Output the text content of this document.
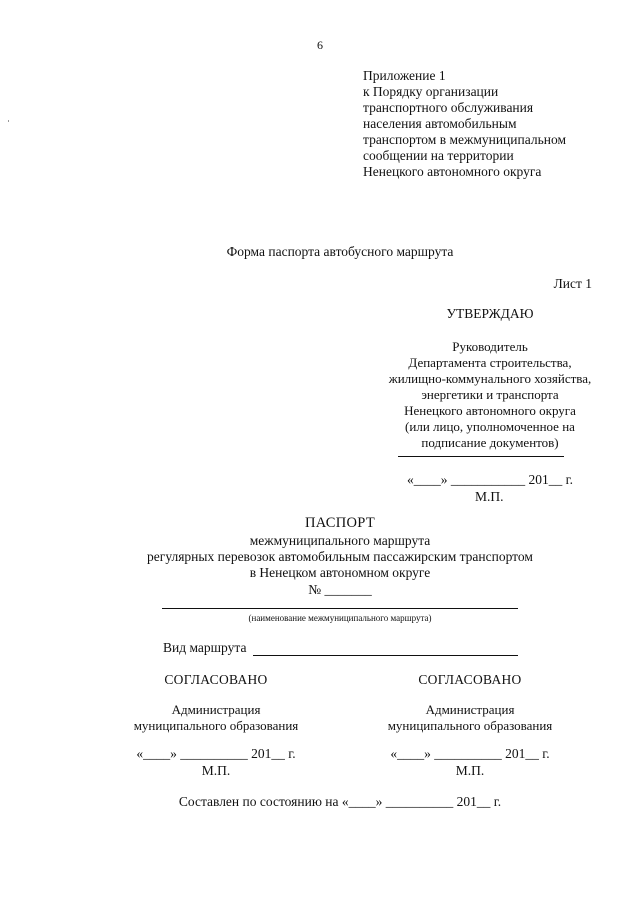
6
Приложение 1
к Порядку организации
транспортного обслуживания
населения автомобильным
транспортом в межмуниципальном
сообщении на территории
Ненецкого автономного округа
Форма паспорта автобусного маршрута
Лист 1
УТВЕРЖДАЮ
Руководитель
Департамента строительства,
жилищно-коммунального хозяйства,
энергетики и транспорта
Ненецкого автономного округа
(или лицо, уполномоченное на
подписание документов)
«____» ___________ 201__ г.
М.П.
ПАСПОРТ
межмуниципального маршрута
регулярных перевозок автомобильным пассажирским транспортом
в Ненецком автономном округе
№ _______
(наименование межмуниципального маршрута)
Вид маршрута
СОГЛАСОВАНО
Администрация
муниципального образования
«____» __________ 201__ г.
М.П.
СОГЛАСОВАНО
Администрация
муниципального образования
«____» __________ 201__ г.
М.П.
Составлен по состоянию на «____» __________ 201__ г.
